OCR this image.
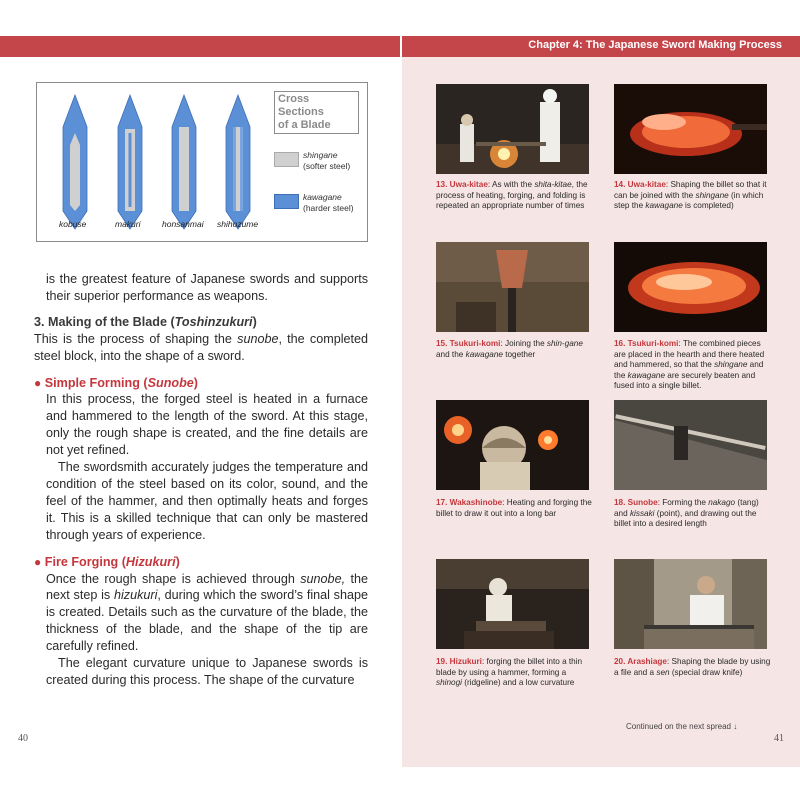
Chapter 4: The Japanese Sword Making Process
Cross Sections
of a Blade
kobuse	makuri	honsanmai shihozume
shingane
(softer steel)
kawagane
(harder steel)

is the greatest feature of Japanese swords and supports their superior performance as weapons.

3. Making of the Blade (Toshinzukuri)

This is the process of shaping the sunobe, the completed steel block, into the shape of a sword.

● Simple Forming (Sunobe)

In this process, the forged steel is heated in a furnace and hammered to the length of the sword. At this stage, only the rough shape is created, and the fine details are not yet refined.

The swordsmith accurately judges the temperature and condition of the steel based on its color, sound, and the feel of the hammer, and then optimally heats and forges it. This is a skilled technique that can only be mastered through years of experience.

● Fire Forging (Hizukuri)

Once the rough shape is achieved through sunobe, the next step is hizukuri, during which the sword’s final shape is created. Details such as the curvature of the blade, the thickness of the blade, and the shape of the tip are carefully refined.

The elegant curvature unique to Japanese swords is created during this process. The shape of the curvature

13. Uwa-kitae: As with the shita-kitae, the process of heating, forging, and folding is repeated an appropriate number of times
14. Uwa-kitae: Shaping the billet so that it can be joined with the shingane (in which step the kawagane is completed)
15. Tsukuri-komi: Joining the shin-gane and the kawagane together
16. Tsukuri-komi: The combined pieces are placed in the hearth and there heated and hammered, so that the shingane and the kawagane are securely beaten and fused into a single billet.
17. Wakashinobe: Heating and forging the billet to draw it out into a long bar
18. Sunobe: Forming the nakago (tang) and kissaki (point), and drawing out the billet into a desired length
19. Hizukuri: forging the billet into a thin blade by using a hammer, forming a shinogi (ridgeline) and a low curvature
20. Arashiage: Shaping the blade by using a file and a sen (special draw knife)
Continued on the next spread ↓
40	41
